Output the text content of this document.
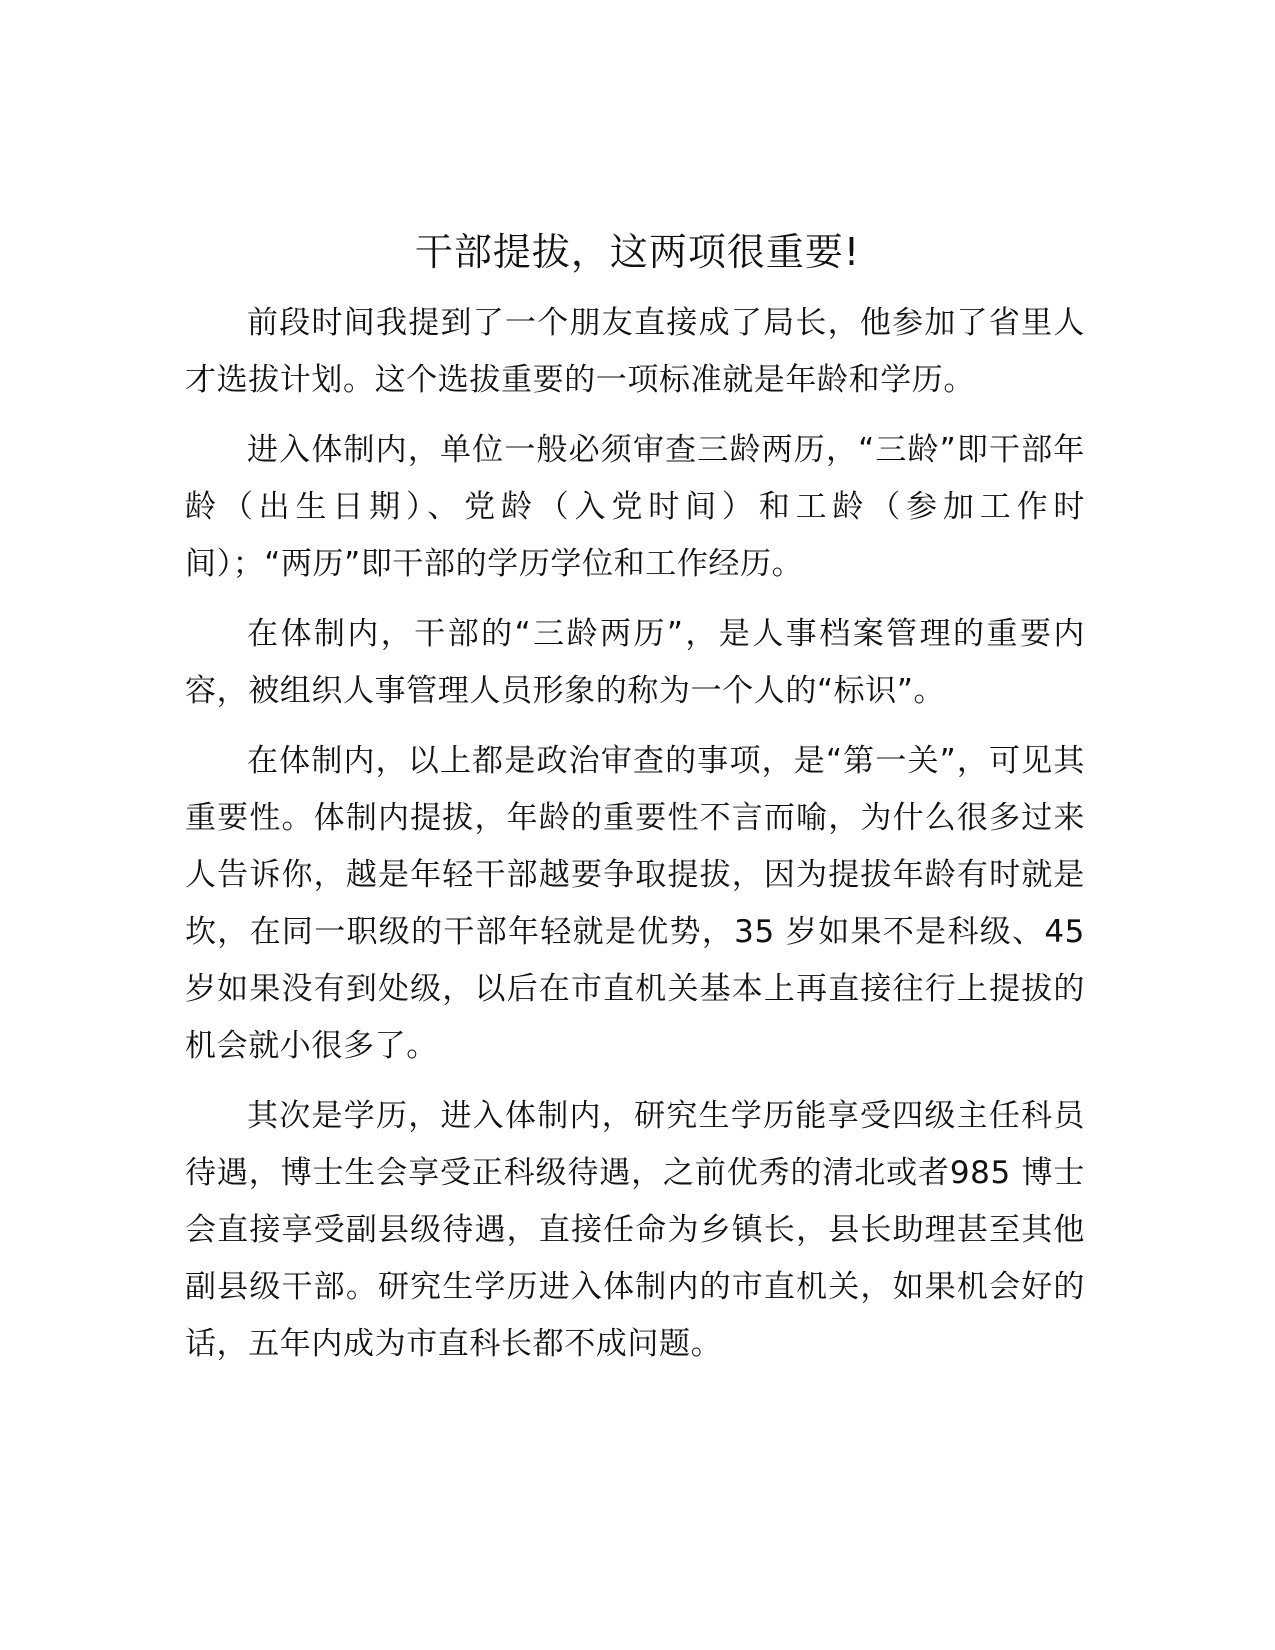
干部提拔，这两项很重要!

前段时间我提到了一个朋友直接成了局长，他参加了省里人才选拔计划。这个选拔重要的一项标准就是年龄和学历。

进入体制内，单位一般必须审查三龄两历，“三龄”即干部年龄（出生日期）、党龄（入党时间）和工龄（参加工作时间）；“两历”即干部的学历学位和工作经历。

在体制内，干部的“三龄两历”，是人事档案管理的重要内容，被组织人事管理人员形象的称为一个人的“标识”。

在体制内，以上都是政治审查的事项，是“第一关”，可见其重要性。体制内提拔，年龄的重要性不言而喻，为什么很多过来人告诉你，越是年轻干部越要争取提拔，因为提拔年龄有时就是坎，在同一职级的干部年轻就是优势，35 岁如果不是科级、45 岁如果没有到处级，以后在市直机关基本上再直接往行上提拔的机会就小很多了。

其次是学历，进入体制内，研究生学历能享受四级主任科员待遇，博士生会享受正科级待遇，之前优秀的清北或者985 博士会直接享受副县级待遇，直接任命为乡镇长，县长助理甚至其他副县级干部。研究生学历进入体制内的市直机关，如果机会好的话，五年内成为市直科长都不成问题。
